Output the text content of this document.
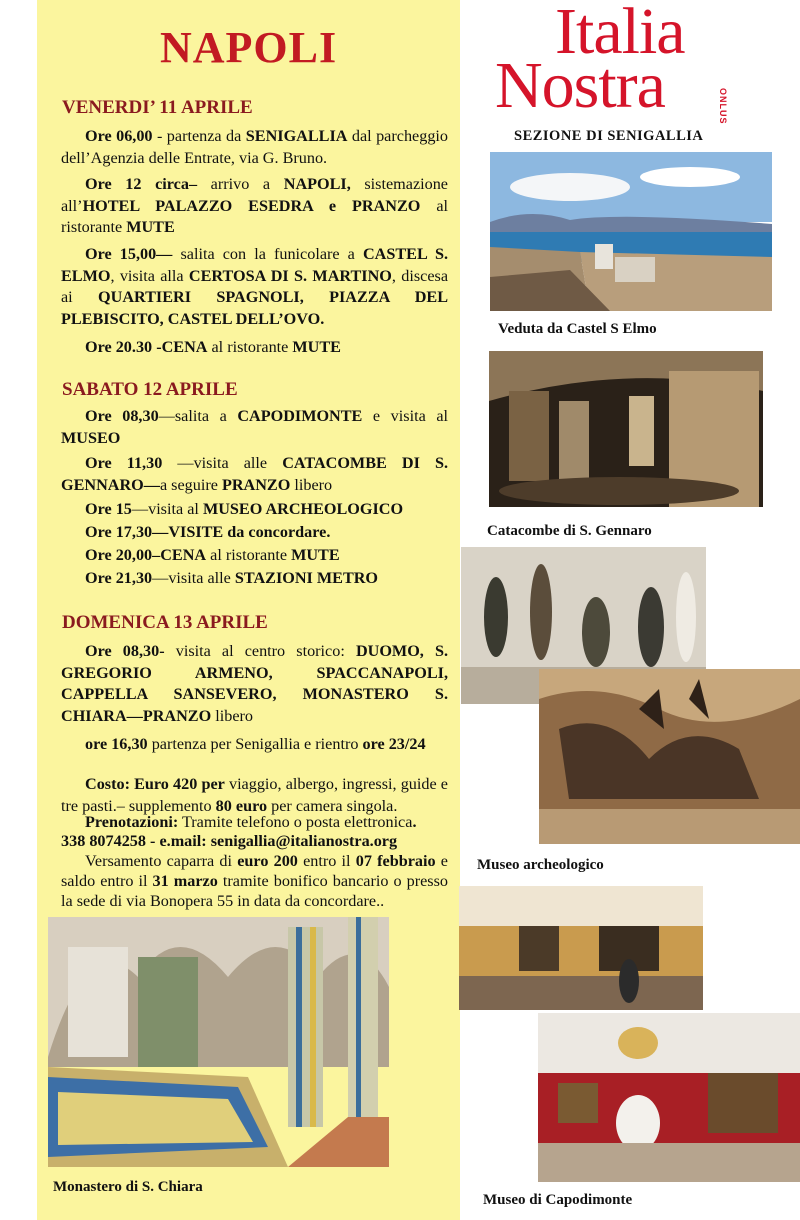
NAPOLI
VENERDI’ 11 APRILE

Ore 06,00 - partenza da SENIGALLIA dal parcheggio dell’Agenzia delle Entrate, via G. Bruno.

Ore 12 circa– arrivo a NAPOLI, sistemazione all’HOTEL PALAZZO ESEDRA e PRANZO al ristorante MUTE

Ore 15,00— salita con la funicolare a CASTEL S. ELMO, visita alla CERTOSA DI S. MARTINO, discesa ai QUARTIERI SPAGNOLI, PIAZZA DEL PLEBISCITO, CASTEL DELL’OVO.

Ore 20.30 -CENA al ristorante MUTE

SABATO 12 APRILE

Ore 08,30—salita a CAPODIMONTE e visita al MUSEO

Ore 11,30 —visita alle CATACOMBE DI S. GENNARO—a seguire PRANZO libero

Ore 15—visita al MUSEO ARCHEOLOGICO

Ore 17,30—VISITE da concordare.

Ore 20,00–CENA al ristorante MUTE

Ore 21,30—visita alle STAZIONI METRO

DOMENICA 13 APRILE

Ore 08,30- visita al centro storico: DUOMO, S. GREGORIO ARMENO, SPACCANAPOLI, CAPPELLA SANSEVERO, MONASTERO S. CHIARA—PRANZO libero

ore 16,30 partenza per Senigallia e rientro ore 23/24

Costo: Euro 420 per viaggio, albergo, ingressi, guide e tre pasti.– supplemento 80 euro per camera singola.

Prenotazioni: Tramite telefono o posta elettronica.
338 8074258 - e.mail: senigallia@italianostra.org

Versamento caparra di euro 200 entro il 07 febbraio e saldo entro il 31 marzo tramite bonifico bancario o presso la sede di via Bonopera 55 in data da concordare..

Monastero di S. Chiara

Italia
Nostra	ONLUS
SEZIONE DI SENIGALLIA

Veduta da Castel S Elmo

Catacombe di S. Gennaro

Museo archeologico

Museo di Capodimonte
